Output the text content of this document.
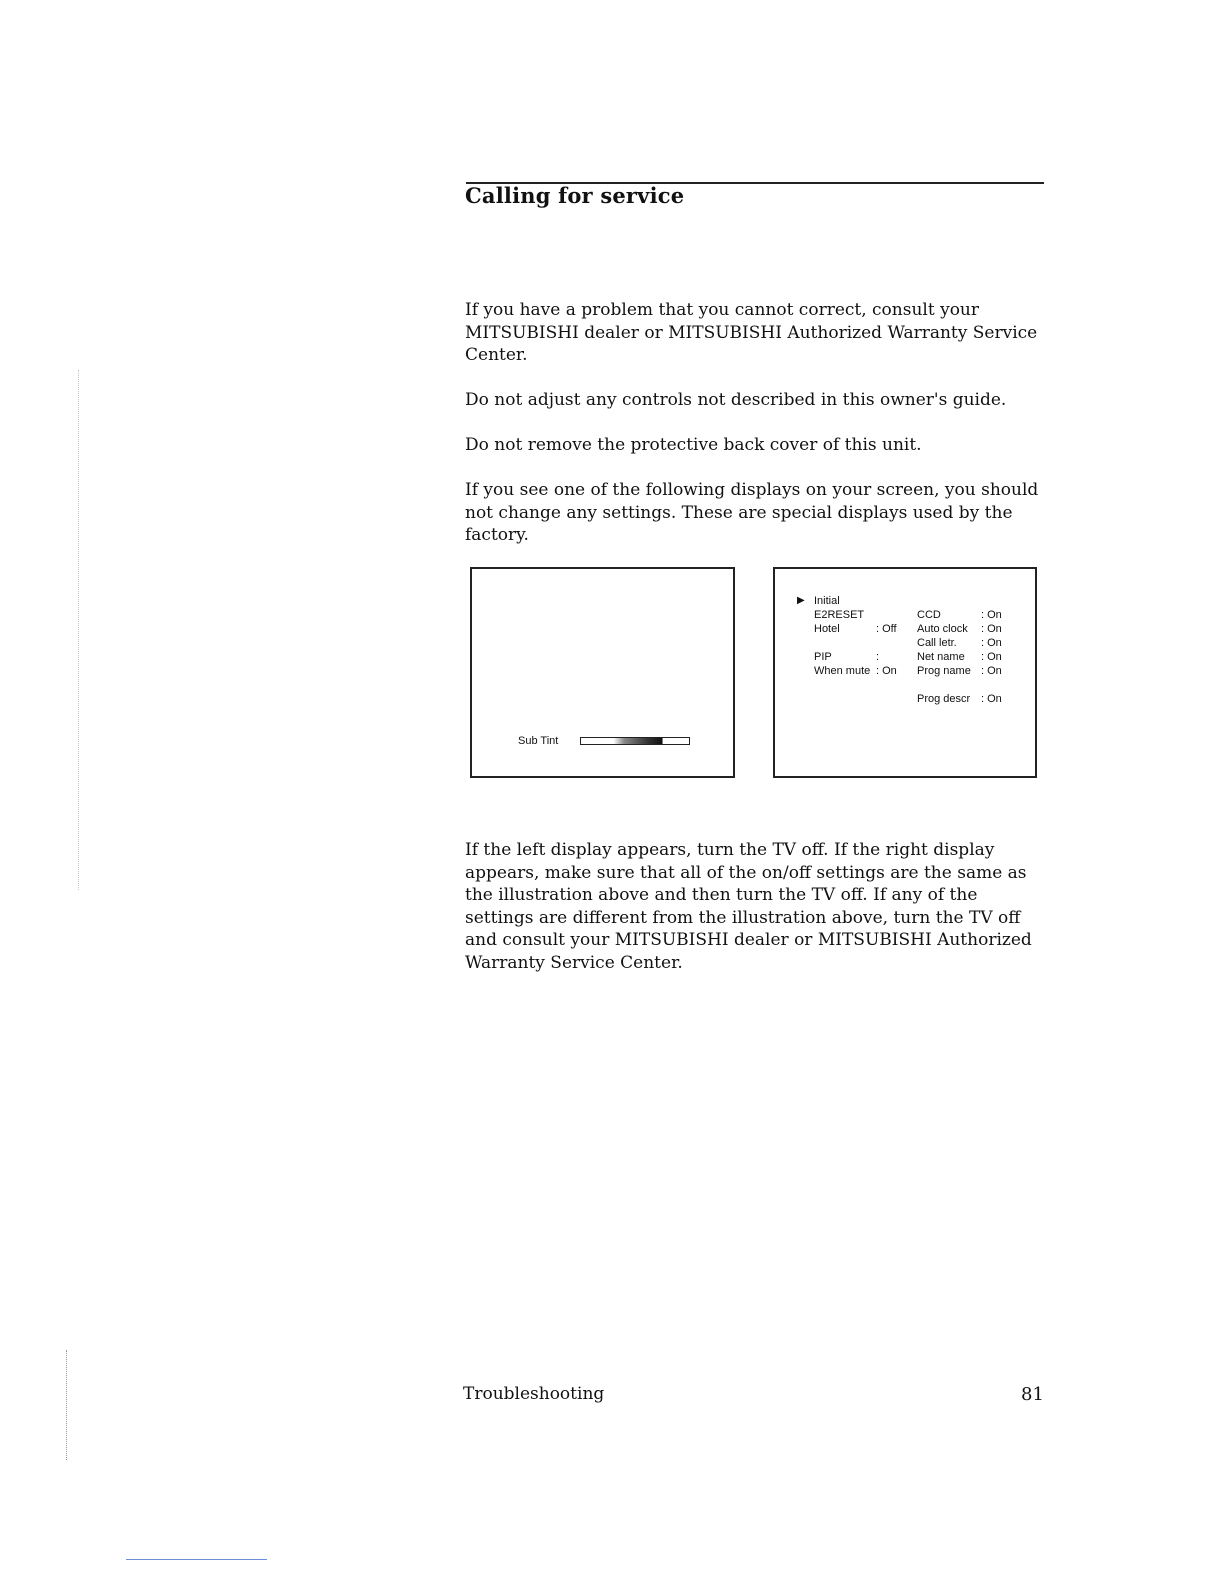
Calling for service

If you have a problem that you cannot correct, consult your MITSUBISHI dealer or MITSUBISHI Authorized Warranty Service Center.

Do not adjust any controls not described in this owner's guide.

Do not remove the protective back cover of this unit.

If you see one of the following displays on your screen, you should not change any settings. These are special displays used by the factory.

Sub Tint
▶ Initial
E2RESET
Hotel	: Off
PIP	:
When mute : On
CCD	: On
Auto clock : On
Call letr. : On
Net name : On
Prog name : On
Prog descr : On

If the left display appears, turn the TV off. If the right display appears, make sure that all of the on/off settings are the same as the illustration above and then turn the TV off. If any of the settings are different from the illustration above, turn the TV off and consult your MITSUBISHI dealer or MITSUBISHI Authorized Warranty Service Center.

Troubleshooting	81
